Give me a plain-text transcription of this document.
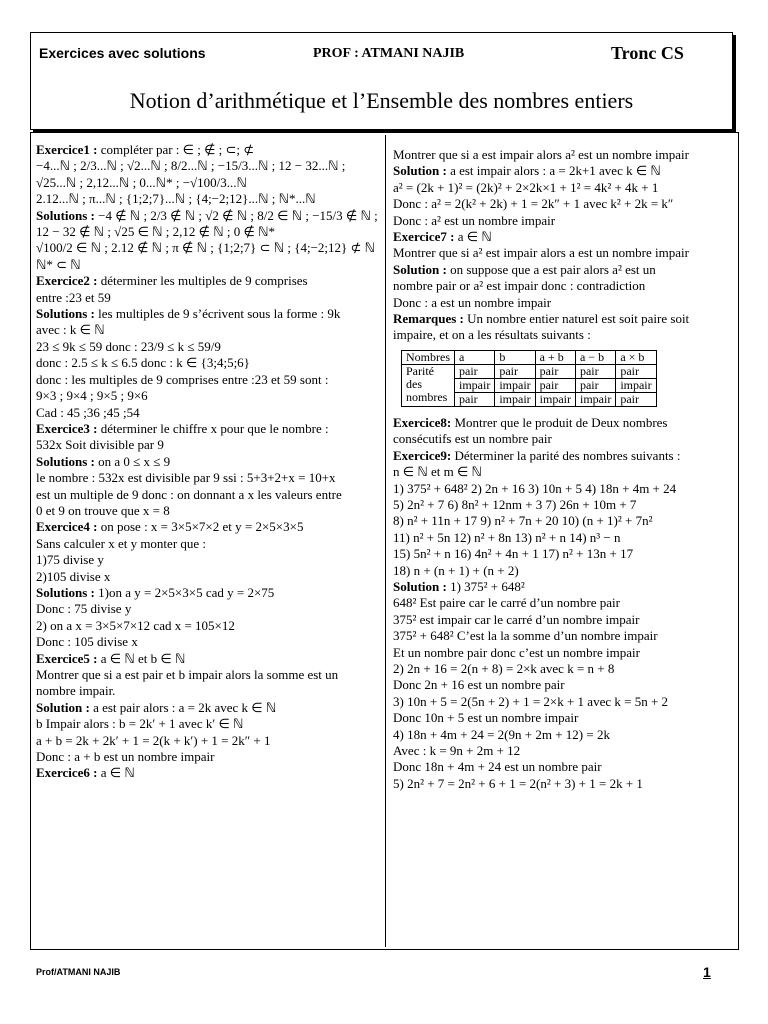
Exercices avec solutions	PROF : ATMANI NAJIB	Tronc CS
Notion d’arithmétique et l’Ensemble des nombres entiers
Exercice1 : compléter par : ∈ ; ∉ ; ⊂; ⊄
−4...ℕ ; 2/3...ℕ ; √2...ℕ ; 8/2...ℕ ; −15/3...ℕ ; 12 − 32...ℕ ;
√25...ℕ ; 2,12...ℕ ; 0...ℕ* ; −√100/3...ℕ
2.12...ℕ ; π...ℕ ; {1;2;7}...ℕ ; {4;−2;12}...ℕ ; ℕ*...ℕ
Solutions : −4 ∉ ℕ ; 2/3 ∉ ℕ ; √2 ∉ ℕ ; 8/2 ∈ ℕ ; −15/3 ∉ ℕ ;
12 − 32 ∉ ℕ ; √25 ∈ ℕ ; 2,12 ∉ ℕ ; 0 ∉ ℕ*
√100/2 ∈ ℕ ; 2.12 ∉ ℕ ; π ∉ ℕ ; {1;2;7} ⊂ ℕ ; {4;−2;12} ⊄ ℕ
ℕ* ⊂ ℕ
Exercice2 : déterminer les multiples de 9 comprises
entre :23 et 59
Solutions : les multiples de 9 s’écrivent sous la forme : 9k
avec : k ∈ ℕ
23 ≤ 9k ≤ 59 donc : 23/9 ≤ k ≤ 59/9
donc : 2.5 ≤ k ≤ 6.5 donc : k ∈ {3;4;5;6}
donc : les multiples de 9 comprises entre :23 et 59 sont :
9×3 ; 9×4 ; 9×5 ; 9×6
Cad : 45 ;36 ;45 ;54
Exercice3 : déterminer le chiffre x pour que le nombre :
532x Soit divisible par 9
Solutions : on a 0 ≤ x ≤ 9
le nombre : 532x est divisible par 9 ssi : 5+3+2+x = 10+x
est un multiple de 9 donc : on donnant a x les valeurs entre
0 et 9 on trouve que x = 8
Exercice4 : on pose : x = 3×5×7×2 et y = 2×5×3×5
Sans calculer x et y monter que :
1)75 divise y
2)105 divise x
Solutions : 1)on a y = 2×5×3×5 cad y = 2×75
Donc : 75 divise y
2) on a x = 3×5×7×12 cad x = 105×12
Donc : 105 divise x
Exercice5 : a ∈ ℕ et b ∈ ℕ
Montrer que si a est pair et b impair alors la somme est un
nombre impair.
Solution : a est pair alors : a = 2k avec k ∈ ℕ
b Impair alors : b = 2k′ + 1 avec k′ ∈ ℕ
a + b = 2k + 2k′ + 1 = 2(k + k′) + 1 = 2k″ + 1
Donc : a + b est un nombre impair
Exercice6 : a ∈ ℕ
Montrer que si a est impair alors a² est un nombre impair
Solution : a est impair alors : a = 2k+1 avec k ∈ ℕ
a² = (2k + 1)² = (2k)² + 2×2k×1 + 1² = 4k² + 4k + 1
Donc : a² = 2(k² + 2k) + 1 = 2k″ + 1 avec k² + 2k = k″
Donc : a² est un nombre impair
Exercice7 : a ∈ ℕ
Montrer que si a² est impair alors a est un nombre impair
Solution : on suppose que a est pair alors a² est un
nombre pair or a² est impair donc : contradiction
Donc : a est un nombre impair
Remarques : Un nombre entier naturel est soit paire soit
impaire, et on a les résultats suivants :
Nombres	a	b	a + b	a − b	a × b
Parité des nombres	pair	pair	pair	pair	pair
	impair	impair	pair	pair	impair
	pair	impair	impair	impair	pair
Exercice8: Montrer que le produit de Deux nombres
consécutifs est un nombre pair
Exercice9: Déterminer la parité des nombres suivants :
n ∈ ℕ et m ∈ ℕ
1) 375² + 648² 2) 2n + 16 3) 10n + 5 4) 18n + 4m + 24
5) 2n² + 7 6) 8n² + 12nm + 3 7) 26n + 10m + 7
8) n² + 11n + 17 9) n² + 7n + 20 10) (n + 1)² + 7n²
11) n² + 5n 12) n² + 8n 13) n² + n 14) n³ − n
15) 5n² + n 16) 4n² + 4n + 1 17) n² + 13n + 17
18) n + (n + 1) + (n + 2)
Solution : 1) 375² + 648²
648² Est paire car le carré d’un nombre pair
375² est impair car le carré d’un nombre impair
375² + 648² C’est la la somme d’un nombre impair
Et un nombre pair donc c’est un nombre impair
2) 2n + 16 = 2(n + 8) = 2×k avec k = n + 8
Donc 2n + 16 est un nombre pair
3) 10n + 5 = 2(5n + 2) + 1 = 2×k + 1 avec k = 5n + 2
Donc 10n + 5 est un nombre impair
4) 18n + 4m + 24 = 2(9n + 2m + 12) = 2k
Avec : k = 9n + 2m + 12
Donc 18n + 4m + 24 est un nombre pair
5) 2n² + 7 = 2n² + 6 + 1 = 2(n² + 3) + 1 = 2k + 1
Prof/ATMANI NAJIB	1
